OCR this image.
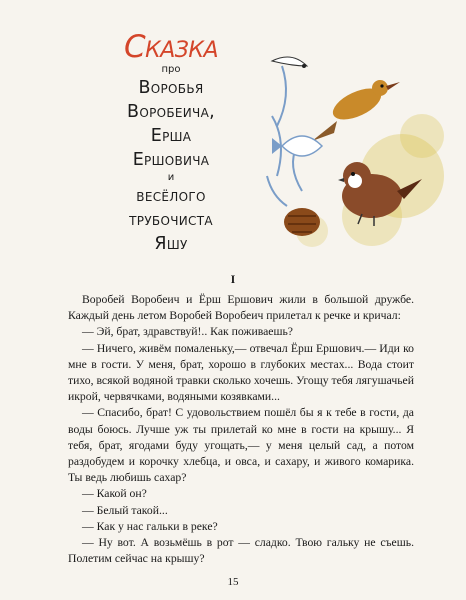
Сказка
про
Воробья
Воробеича,
Ерша
Ершовича
и
весёлого
трубочиста
Яшу
I

Воробей Воробеич и Ёрш Ершович жили в большой дружбе. Каждый день летом Воробей Воробеич прилетал к речке и кричал:

— Эй, брат, здравствуй!.. Как поживаешь?

— Ничего, живём помаленьку,— отвечал Ёрш Ершович.— Иди ко мне в гости. У меня, брат, хорошо в глубоких местах... Вода стоит тихо, всякой водяной травки сколько хочешь. Угощу тебя лягушачьей икрой, червячками, водяными козявками...

— Спасибо, брат! С удовольствием пошёл бы я к тебе в гости, да воды боюсь. Лучше уж ты прилетай ко мне в гости на крышу... Я тебя, брат, ягодами буду угощать,— у меня целый сад, а потом раздобудем и корочку хлебца, и овса, и сахару, и живого комарика. Ты ведь любишь сахар?

— Какой он?

— Белый такой...

— Как у нас гальки в реке?

— Ну вот. А возьмёшь в рот — сладко. Твою гальку не съешь. Полетим сейчас на крышу?

15
